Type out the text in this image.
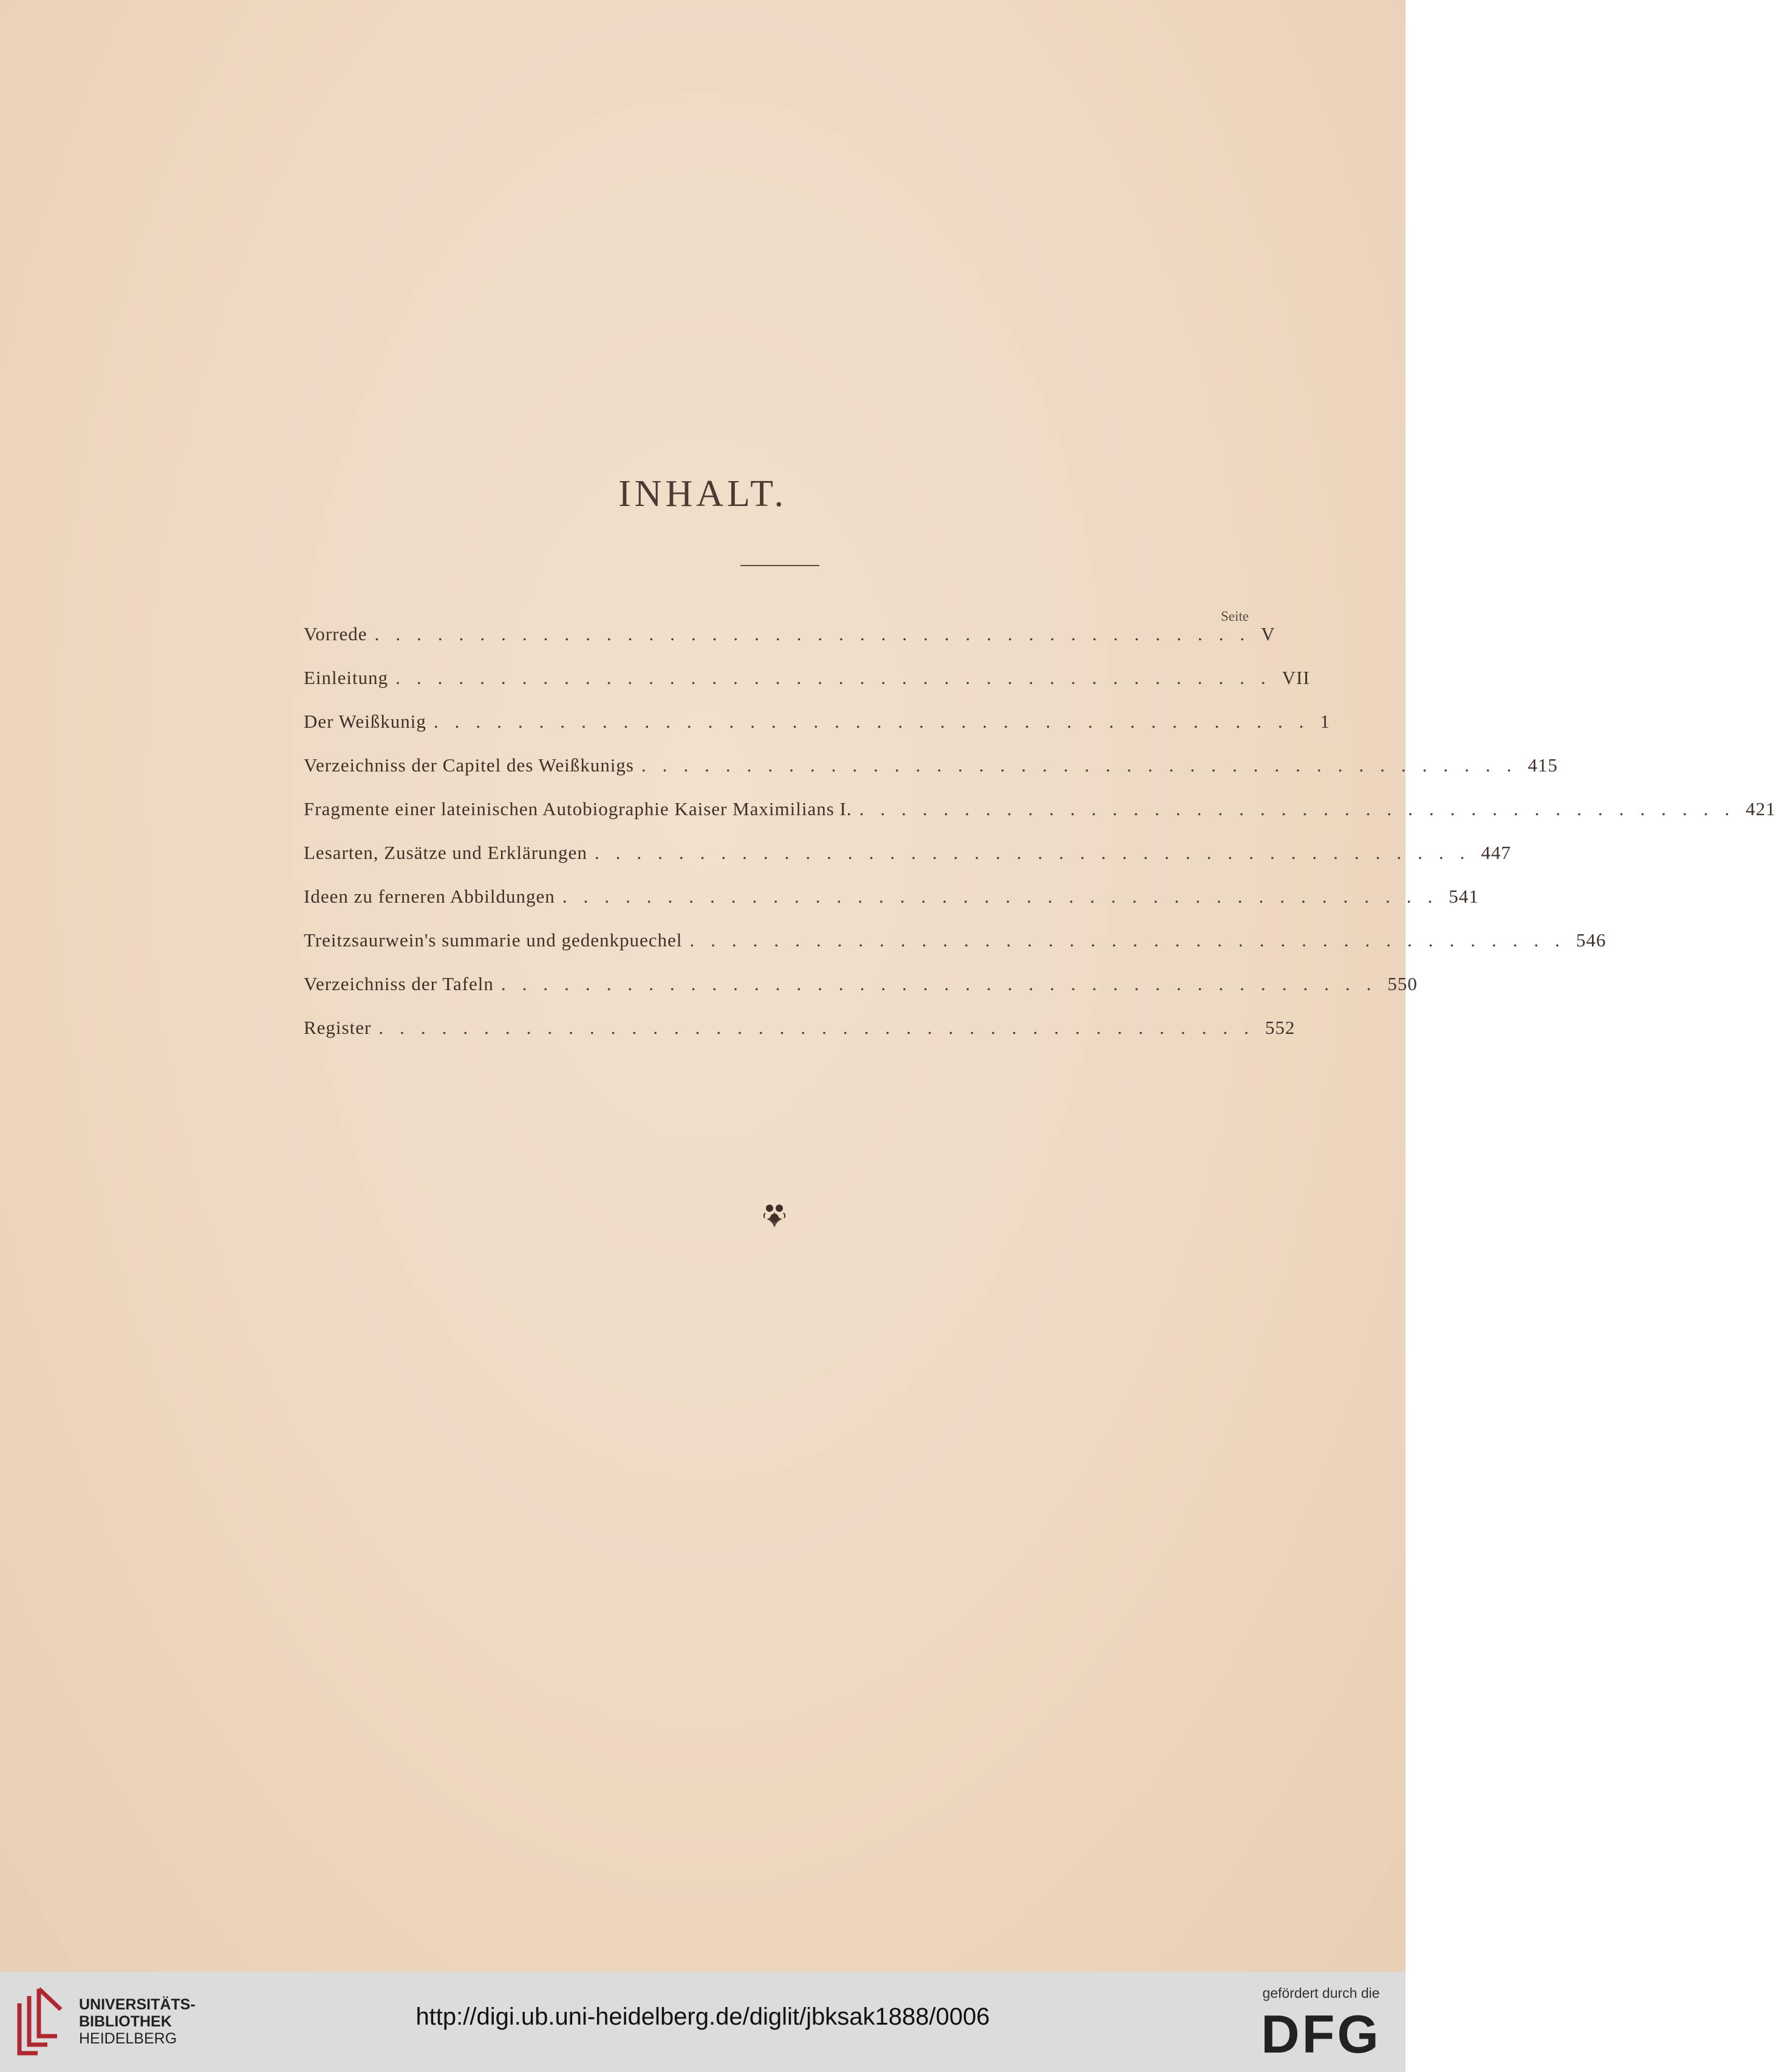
INHALT.
Seite
Vorrede .......................................... V
Einleitung .......................................... VII
Der Weißkunig .......................................... 1
Verzeichniss der Capitel des Weißkunigs .......................................... 415
Fragmente einer lateinischen Autobiographie Kaiser Maximilians I. .......................................... 421
Lesarten, Zusätze und Erklärungen .......................................... 447
Ideen zu ferneren Abbildungen .......................................... 541
Treitzsaurwein's summarie und gedenkpuechel .......................................... 546
Verzeichniss der Tafeln .......................................... 550
Register .......................................... 552
UNIVERSITÄTS-
BIBLIOTHEK
HEIDELBERG
http://digi.ub.uni-heidelberg.de/diglit/jbksak1888/0006
gefördert durch die
DFG
